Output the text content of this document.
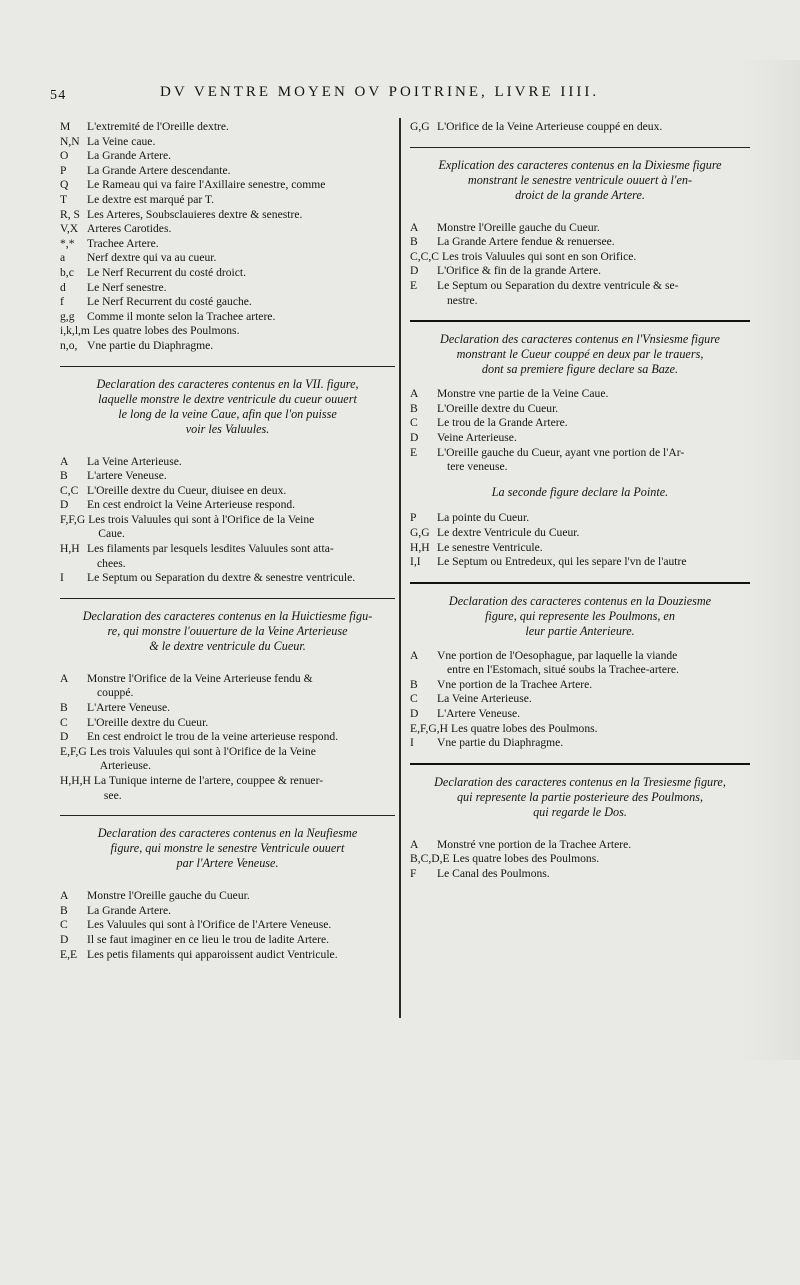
54	DV VENTRE MOYEN OV POITRINE, LIVRE IIII.
M	L'extremité de l'Oreille dextre.
N,N La Veine caue.
O	La Grande Artere.
P	La Grande Artere descendante.
Q	Le Rameau qui va faire l'Axillaire senestre, comme
T	Le dextre est marqué par T.
R, S Les Arteres, Soubsclauieres dextre & senestre.
V,X Arteres Carotides.
*,*	Trachee Artere.
a	Nerf dextre qui va au cueur.
b,c	Le Nerf Recurrent du costé droict.
d	Le Nerf senestre.
f	Le Nerf Recurrent du costé gauche.
g,g	Comme il monte selon la Trachee artere.
i,k,l,m Les quatre lobes des Poulmons.
n,o, Vne partie du Diaphragme.
Declaration des caracteres contenus en la VII. figure,
laquelle monstre le dextre ventricule du cueur ouuert
le long de la veine Caue, afin que l'on puisse
voir les Valuules.
A	La Veine Arterieuse.
B	L'artere Veneuse.
C,C L'Oreille dextre du Cueur, diuisee en deux.
D	En cest endroict la Veine Arterieuse respond.
F,F,G Les trois Valuules qui sont à l'Orifice de la Veine
Caue.
H,H Les filaments par lesquels lesdites Valuules sont atta-
chees.
I	Le Septum ou Separation du dextre & senestre ventricule.
Declaration des caracteres contenus en la Huictiesme figu-
re, qui monstre l'ouuerture de la Veine Arterieuse
& le dextre ventricule du Cueur.
A	Monstre l'Orifice de la Veine Arterieuse fendu &
couppé.
B	L'Artere Veneuse.
C	L'Oreille dextre du Cueur.
D	En cest endroict le trou de la veine arterieuse respond.
E,F,G Les trois Valuules qui sont à l'Orifice de la Veine
Arterieuse.
H,H,H La Tunique interne de l'artere, couppee & renuer-
see.
Declaration des caracteres contenus en la Neufiesme
figure, qui monstre le senestre Ventricule ouuert
par l'Artere Veneuse.
A	Monstre l'Oreille gauche du Cueur.
B	La Grande Artere.
C	Les Valuules qui sont à l'Orifice de l'Artere Veneuse.
D	Il se faut imaginer en ce lieu le trou de ladite Artere.
E,E Les petis filaments qui apparoissent audict Ventricule.
G,G L'Orifice de la Veine Arterieuse couppé en deux.
Explication des caracteres contenus en la Dixiesme figure
monstrant le senestre ventricule ouuert à l'en-
droict de la grande Artere.
A	Monstre l'Oreille gauche du Cueur.
B	La Grande Artere fendue & renuersee.
C,C,C Les trois Valuules qui sont en son Orifice.
D	L'Orifice & fin de la grande Artere.
E	Le Septum ou Separation du dextre ventricule & se-
nestre.
Declaration des caracteres contenus en l'Vnsiesme figure
monstrant le Cueur couppé en deux par le trauers,
dont sa premiere figure declare sa Baze.
A	Monstre vne partie de la Veine Caue.
B	L'Oreille dextre du Cueur.
C	Le trou de la Grande Artere.
D	Veine Arterieuse.
E	L'Oreille gauche du Cueur, ayant vne portion de l'Ar-
tere veneuse.
La seconde figure declare la Pointe.
P	La pointe du Cueur.
G,G Le dextre Ventricule du Cueur.
H,H Le senestre Ventricule.
I,I	Le Septum ou Entredeux, qui les separe l'vn de l'autre
Declaration des caracteres contenus en la Douziesme
figure, qui represente les Poulmons, en
leur partie Anterieure.
A	Vne portion de l'Oesophague, par laquelle la viande
entre en l'Estomach, situé soubs la Trachee-artere.
B	Vne portion de la Trachee Artere.
C	La Veine Arterieuse.
D	L'Artere Veneuse.
E,F,G,H Les quatre lobes des Poulmons.
I	Vne partie du Diaphragme.
Declaration des caracteres contenus en la Tresiesme figure,
qui represente la partie posterieure des Poulmons,
qui regarde le Dos.
A	Monstré vne portion de la Trachee Artere.
B,C,D,E Les quatre lobes des Poulmons.
F	Le Canal des Poulmons.
